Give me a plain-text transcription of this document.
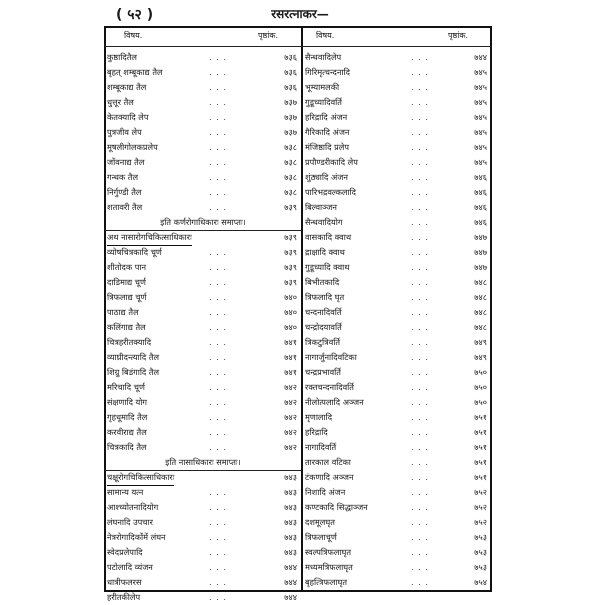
( ५२ )	रसरत्नाकर—
विषय.	पृष्ठांक.	विषय.	पृष्ठांक.
कुष्ठादितैल	. . .	७३६
बृहत् शम्बूकाद्य तैल	. . .	७३६
शम्बूकाद्य तैल	. . .	७३६
धुत्तूर तैल	. . .	७३७
केतक्यादि लेप	. . .	७३७
पुत्रजीव लेप	. . .	७३७
मूषलीगोलकप्रलेप	. . .	७३८
जोंवनाद्य तैल	. . .	७३८
गन्धक तैल	. . .	७३८
निर्गुण्डी तैल	. . .	७३८
शतावरी तैल	. . .	७३९
इति कर्णरोगाधिकारः समाप्तः।
अथ नासारोगचिकित्साधिकारः	७३९
व्योषचित्रकादि चूर्ण	. . .	७३९
शीतोदक पान	. . .	७३९
दाडिमाद्य चूर्ण	. . .	७३९
त्रिफलाद्य चूर्ण	. . .	७४०
पाठाद्य तैल	. . .	७४०
कलिंगाद्य तैल	. . .	७४०
चित्रहरीतक्यादि	. . .	७४१
व्याघ्रीदन्त्यादि तैल	. . .	७४१
शिग्रु बिडंगादि तैल	. . .	७४१
मरिचादि चूर्ण	. . .	७४२
संक्षणादि योग	. . .	७४२
गृहधूमादि तैल	. . .	७४२
करवीराद्य तैल	. . .	७४२
चित्रकादि तैल	. . .	७४२
इति नासाधिकारः समाप्तः।
चक्षूरोगचिकित्साधिकारः	७४३
सामान्य यत्न	. . .	७४३
आश्च्योतनादियोग	. . .	७४३
लंघनादि उपचार	. . .	७४३
नेत्ररोगादिकोंमें लंघन	. . .	७४३
स्वेदप्रलेपादि	. . .	७४३
पटोलादि व्यंजन	. . .	७४४
धात्रीफलरस	. . .	७४४
हरीतकीलेप	. . .	७४४
सैन्धवादिलेप	. . .	७४४
गिरिमृत्चन्दनादि	. . .	७४५
भूम्यामलकी	. . .	७४५
गुडूच्यादिवर्ति	. . .	७४५
हरिद्रादि अंजन	. . .	७४५
गैरिकादि अंजन	. . .	७४५
मंजिष्ठादि प्रलेप	. . .	७४५
प्रपौण्डरीकादि लेप	. . .	७४५
शुंठ्यादि अंजन	. . .	७४६
पारिभद्रवल्कलादि	. . .	७४६
बिल्वाञ्जन	. . .	७४६
सैन्धवादियोग	. . .	७४६
वासकादि क्वाथ	. . .	७४७
द्राक्षादि क्वाथ	. . .	७४७
गुडूच्यादि क्वाथ	. . .	७४७
बिभीतकादि	. . .	७४८
त्रिफलादि घृत	. . .	७४८
चन्दनादिवर्ति	. . .	७४८
चन्द्रोदयावर्ति	. . .	७४८
त्रिकटुत्रिवर्ति	. . .	७४९
नागार्जुनादिवटिका	. . .	७४९
चन्द्रप्रभावर्ति	. . .	७५०
रक्तचन्दनादिवर्ति	. . .	७५०
नीलोत्पलादि अञ्जन	. . .	७५०
मृणालादि	. . .	७५१
हरिद्रादि	. . .	७५१
नागादिवर्ति	. . .	७५१
तारकाल वटिका	. . .	७५१
टंकणादि अञ्जन	. . .	७५१
निशादि अंजन	. . .	७५२
कण्टकादि सिद्धाञ्जन	. . .	७५२
दशमूलघृत	. . .	७५२
त्रिफलाचूर्ण	. . .	७५३
स्वल्पत्रिफलाघृत	. . .	७५३
मध्यमत्रिफलाघृत	. . .	७५३
बृहत्त्रिफलाघृत	. . .	७५४
